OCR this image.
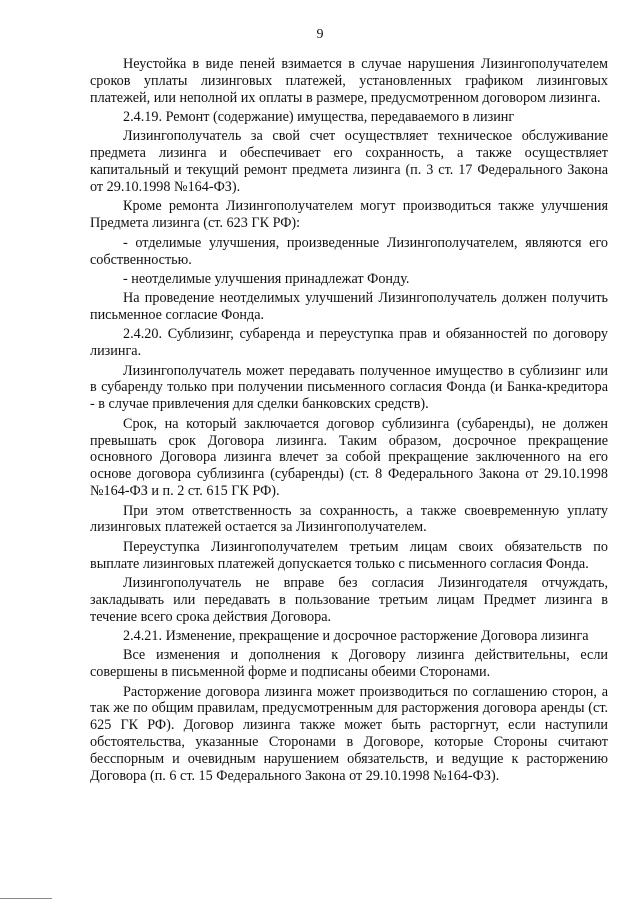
9

Неустойка в виде пеней взимается в случае нарушения Лизингополучателем сроков уплаты лизинговых платежей, установленных графиком лизинговых платежей, или неполной их оплаты в размере, предусмотренном договором лизинга.

2.4.19. Ремонт (содержание) имущества, передаваемого в лизинг

Лизингополучатель за свой счет осуществляет техническое обслуживание предмета лизинга и обеспечивает его сохранность, а также осуществляет капитальный и текущий ремонт предмета лизинга (п. 3 ст. 17 Федерального Закона от 29.10.1998 №164-ФЗ).

Кроме ремонта Лизингополучателем могут производиться также улучшения Предмета лизинга (ст. 623 ГК РФ):

- отделимые улучшения, произведенные Лизингополучателем, являются его собственностью.

- неотделимые улучшения принадлежат Фонду.

На проведение неотделимых улучшений Лизингополучатель должен получить письменное согласие Фонда.

2.4.20. Сублизинг, субаренда и переуступка прав и обязанностей по договору лизинга.

Лизингополучатель может передавать полученное имущество в сублизинг или в субаренду только при получении письменного согласия Фонда (и Банка-кредитора - в случае привлечения для сделки банковских средств).

Срок, на который заключается договор сублизинга (субаренды), не должен превышать срок Договора лизинга. Таким образом, досрочное прекращение основного Договора лизинга влечет за собой прекращение заключенного на его основе договора сублизинга (субаренды) (ст. 8 Федерального Закона от 29.10.1998 №164-ФЗ и п. 2 ст. 615 ГК РФ).

При этом ответственность за сохранность, а также своевременную уплату лизинговых платежей остается за Лизингополучателем.

Переуступка Лизингополучателем третьим лицам своих обязательств по выплате лизинговых платежей допускается только с письменного согласия Фонда.

Лизингополучатель не вправе без согласия Лизингодателя отчуждать, закладывать или передавать в пользование третьим лицам Предмет лизинга в течение всего срока действия Договора.

2.4.21. Изменение, прекращение и досрочное расторжение Договора лизинга

Все изменения и дополнения к Договору лизинга действительны, если совершены в письменной форме и подписаны обеими Сторонами.

Расторжение договора лизинга может производиться по соглашению сторон, а так же по общим правилам, предусмотренным для расторжения договора аренды (ст. 625 ГК РФ). Договор лизинга также может быть расторгнут, если наступили обстоятельства, указанные Сторонами в Договоре, которые Стороны считают бесспорным и очевидным нарушением обязательств, и ведущие к расторжению Договора (п. 6 ст. 15 Федерального Закона от 29.10.1998 №164-ФЗ).
